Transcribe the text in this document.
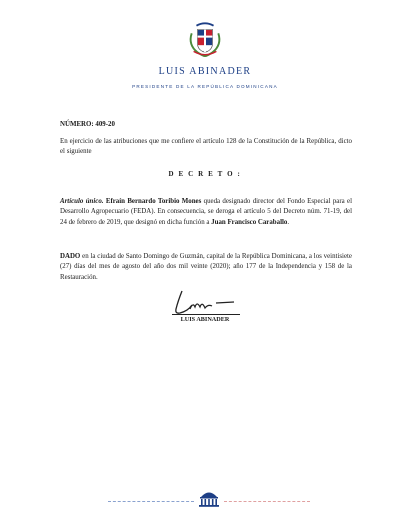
LUIS ABINADER
PRESIDENTE DE LA REPÚBLICA DOMINICANA
NÚMERO: 409-20
En ejercicio de las atribuciones que me confiere el artículo 128 de la Constitución de la República, dicto el siguiente
D E C R E T O :
Artículo único. Efraín Bernardo Toribio Mones queda designado director del Fondo Especial para el Desarrollo Agropecuario (FEDA). En consecuencia, se deroga el artículo 5 del Decreto núm. 71-19, del 24 de febrero de 2019, que designó en dicha función a Juan Francisco Caraballo.
DADO en la ciudad de Santo Domingo de Guzmán, capital de la República Dominicana, a los veintisiete (27) días del mes de agosto del año dos mil veinte (2020); año 177 de la Independencia y 158 de la Restauración.
LUIS ABINADER
